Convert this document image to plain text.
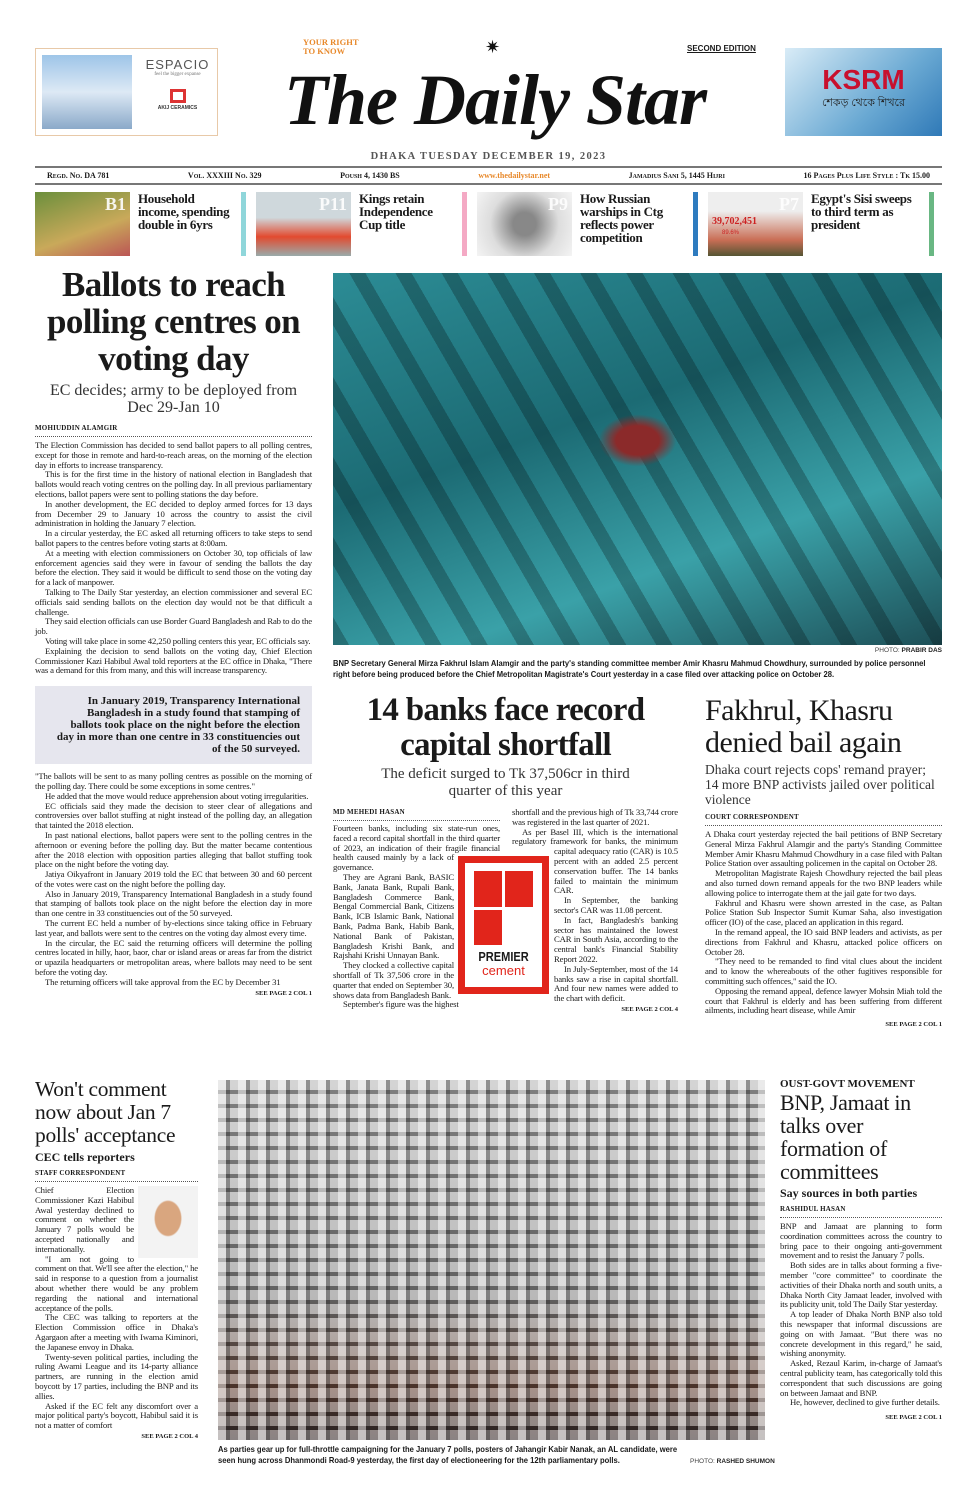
ESPACIO
feel the bigger expanse
AKIJ CERAMICS
YOUR RIGHT
TO KNOW	✷	SECOND EDITION
The Daily Star	KSRM
শেকড় থেকে শিখরে
DHAKA TUESDAY DECEMBER 19, 2023
Regd. No. DA 781	Vol. XXXIII No. 329	Poush 4, 1430 BS	www.thedailystar.net	Jamadius Sani 5, 1445 Hijri	16 Pages Plus Life Style : Tk 15.00
B1 Household income, spending double in 6yrs
P11 Kings retain Independence Cup title
P9 How Russian warships in Ctg reflects power competition
P7
39,702,451
89.6%
Egypt's Sisi sweeps to third term as president
Ballots to reach polling centres on voting day
EC decides; army to be deployed from Dec 29-Jan 10
MOHIUDDIN ALAMGIR

The Election Commission has decided to send ballot papers to all polling centres, except for those in remote and hard-to-reach areas, on the morning of the election day in efforts to increase transparency.

This is for the first time in the history of national election in Bangladesh that ballots would reach voting centres on the polling day. In all previous parliamentary elections, ballot papers were sent to polling stations the day before.

In another development, the EC decided to deploy armed forces for 13 days from December 29 to January 10 across the country to assist the civil administration in holding the January 7 election.

In a circular yesterday, the EC asked all returning officers to take steps to send ballot papers to the centres before voting starts at 8:00am.

At a meeting with election commissioners on October 30, top officials of law enforcement agencies said they were in favour of sending the ballots the day before the election. They said it would be difficult to send those on the voting day for a lack of manpower.

Talking to The Daily Star yesterday, an election commissioner and several EC officials said sending ballots on the election day would not be that difficult a challenge.

They said election officials can use Border Guard Bangladesh and Rab to do the job.

Voting will take place in some 42,250 polling centers this year, EC officials say.

Explaining the decision to send ballots on the voting day, Chief Election Commissioner Kazi Habibul Awal told reporters at the EC office in Dhaka, "There was a demand for this from many, and this will increase transparency.

In January 2019, Transparency International Bangladesh in a study found that stamping of ballots took place on the night before the election day in more than one centre in 33 constituencies out of the 50 surveyed.

"The ballots will be sent to as many polling centres as possible on the morning of the polling day. There could be some exceptions in some centres."

He added that the move would reduce apprehension about voting irregularities.

EC officials said they made the decision to steer clear of allegations and controversies over ballot stuffing at night instead of the polling day, an allegation that tainted the 2018 election.

In past national elections, ballot papers were sent to the polling centres in the afternoon or evening before the polling day. But the matter became contentious after the 2018 election with opposition parties alleging that ballot stuffing took place on the night before the voting day.

Jatiya Oikyafront in January 2019 told the EC that between 30 and 60 percent of the votes were cast on the night before the polling day.

Also in January 2019, Transparency International Bangladesh in a study found that stamping of ballots took place on the night before the election day in more than one centre in 33 constituencies out of the 50 surveyed.

The current EC held a number of by-elections since taking office in February last year, and ballots were sent to the centres on the voting day almost every time.

In the circular, the EC said the returning officers will determine the polling centres located in hilly, haor, baor, char or island areas or areas far from the district or upazila headquarters or metropolitan areas, where ballots may need to be sent before the voting day.

The returning officers will take approval from the EC by December 31

SEE PAGE 2 COL 1
PHOTO: PRABIR DAS
BNP Secretary General Mirza Fakhrul Islam Alamgir and the party's standing committee member Amir Khasru Mahmud Chowdhury, surrounded by police personnel right before being produced before the Chief Metropolitan Magistrate's Court yesterday in a case filed over attacking police on October 28.
14 banks face record capital shortfall
The deficit surged to Tk 37,506cr in third quarter of this year
MD MEHEDI HASAN
PREMIER
cement

Fourteen banks, including six state-run ones, faced a record capital shortfall in the third quarter of 2023, an indication of their fragile financial health caused mainly by a lack of governance.

They are Agrani Bank, BASIC Bank, Janata Bank, Rupali Bank, Bangladesh Commerce Bank, Bengal Commercial Bank, Citizens Bank, ICB Islamic Bank, National Bank, Padma Bank, Habib Bank, National Bank of Pakistan, Bangladesh Krishi Bank, and Rajshahi Krishi Unnayan Bank.

They clocked a collective capital shortfall of Tk 37,506 crore in the quarter that ended on September 30, shows data from Bangladesh Bank.

September's figure was the highest

shortfall and the previous high of Tk 33,744 crore was registered in the last quarter of 2021.

As per Basel III, which is the international regulatory framework for banks, the minimum capital adequacy ratio (CAR) is 10.5 percent with an added 2.5 percent conservation buffer. The 14 banks failed to maintain the minimum CAR.

In September, the banking sector's CAR was 11.08 percent.

In fact, Bangladesh's banking sector has maintained the lowest CAR in South Asia, according to the central bank's Financial Stability Report 2022.

In July-September, most of the 14 banks saw a rise in capital shortfall. And four new names were added to the chart with deficit.

SEE PAGE 2 COL 4
Fakhrul, Khasru denied bail again
Dhaka court rejects cops' remand prayer; 14 more BNP activists jailed over political violence
COURT CORRESPONDENT

A Dhaka court yesterday rejected the bail petitions of BNP Secretary General Mirza Fakhrul Alamgir and the party's Standing Committee Member Amir Khasru Mahmud Chowdhury in a case filed with Paltan Police Station over assaulting policemen in the capital on October 28.

Metropolitan Magistrate Rajesh Chowdhury rejected the bail pleas and also turned down remand appeals for the two BNP leaders while allowing police to interrogate them at the jail gate for two days.

Fakhrul and Khasru were shown arrested in the case, as Paltan Police Station Sub Inspector Sumit Kumar Saha, also investigation officer (IO) of the case, placed an application in this regard.

In the remand appeal, the IO said BNP leaders and activists, as per directions from Fakhrul and Khasru, attacked police officers on October 28.

"They need to be remanded to find vital clues about the incident and to know the whereabouts of the other fugitives responsible for committing such offences," said the IO.

Opposing the remand appeal, defence lawyer Mohsin Miah told the court that Fakhrul is elderly and has been suffering from different ailments, including heart disease, while Amir

SEE PAGE 2 COL 1
Won't comment now about Jan 7 polls' acceptance
CEC tells reporters
STAFF CORRESPONDENT

Chief Election Commissioner Kazi Habibul Awal yesterday declined to comment on whether the January 7 polls would be accepted nationally and internationally.

"I am not going to comment on that. We'll see after the election," he said in response to a question from a journalist about whether there would be any problem regarding the national and international acceptance of the polls.

The CEC was talking to reporters at the Election Commission office in Dhaka's Agargaon after a meeting with Iwama Kiminori, the Japanese envoy in Dhaka.

Twenty-seven political parties, including the ruling Awami League and its 14-party alliance partners, are running in the election amid boycott by 17 parties, including the BNP and its allies.

Asked if the EC felt any discomfort over a major political party's boycott, Habibul said it is not a matter of comfort

SEE PAGE 2 COL 4
As parties gear up for full-throttle campaigning for the January 7 polls, posters of Jahangir Kabir Nanak, an AL candidate, were seen hung across Dhanmondi Road-9 yesterday, the first day of electioneering for the 12th parliamentary polls.	PHOTO: RASHED SHUMON
OUST-GOVT MOVEMENT
BNP, Jamaat in talks over formation of committees
Say sources in both parties
RASHIDUL HASAN

BNP and Jamaat are planning to form coordination committees across the country to bring pace to their ongoing anti-government movement and to resist the January 7 polls.

Both sides are in talks about forming a five-member "core committee" to coordinate the activities of their Dhaka north and south units, a Dhaka North City Jamaat leader, involved with its publicity unit, told The Daily Star yesterday.

A top leader of Dhaka North BNP also told this newspaper that informal discussions are going on with Jamaat. "But there was no concrete development in this regard," he said, wishing anonymity.

Asked, Rezaul Karim, in-charge of Jamaat's central publicity team, has categorically told this correspondent that such discussions are going on between Jamaat and BNP.

He, however, declined to give further details.

SEE PAGE 2 COL 1
